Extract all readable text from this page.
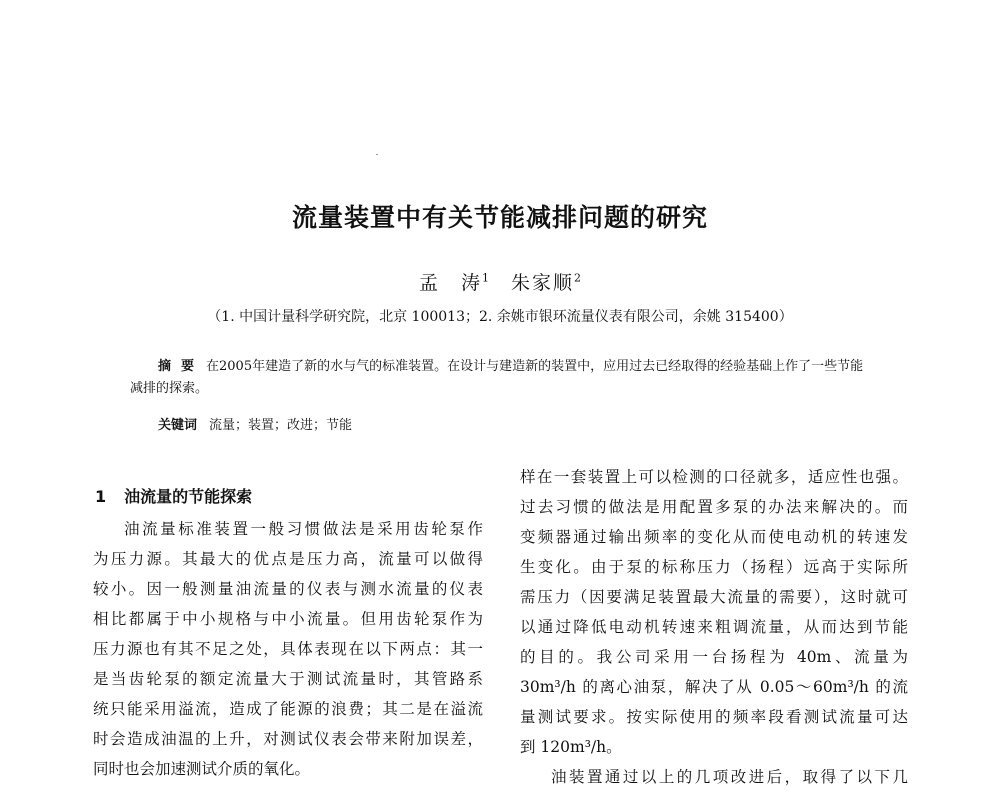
流量装置中有关节能减排问题的研究
孟　涛$^1$ 朱家顺$^2$
（1. 中国计量科学研究院，北京 100013；2. 余姚市银环流量仪表有限公司，余姚 315400）

摘要 在2005年建造了新的水与气的标准装置。在设计与建造新的装置中，应用过去已经取得的经验基础上作了一些节能减排的探索。

关键词 流量；装置；改进；节能
1 油流量的节能探索
油流量标准装置一般习惯做法是采用齿轮泵作
为压力源。其最大的优点是压力高，流量可以做得
较小。因一般测量油流量的仪表与测水流量的仪表
相比都属于中小规格与中小流量。但用齿轮泵作为
压力源也有其不足之处，具体表现在以下两点：其一
是当齿轮泵的额定流量大于测试流量时，其管路系
统只能采用溢流，造成了能源的浪费；其二是在溢流
时会造成油温的上升，对测试仪表会带来附加误差，
同时也会加速测试介质的氧化。
样在一套装置上可以检测的口径就多，适应性也强。
过去习惯的做法是用配置多泵的办法来解决的。而
变频器通过输出频率的变化从而使电动机的转速发
生变化。由于泵的标称压力（扬程）远高于实际所
需压力（因要满足装置最大流量的需要），这时就可
以通过降低电动机转速来粗调流量，从而达到节能
的目的。我公司采用一台扬程为 40m、流量为
30m³/h 的离心油泵，解决了从 0.05～60m³/h 的流
量测试要求。按实际使用的频率段看测试流量可达
到 120m³/h。
油装置通过以上的几项改进后，取得了以下几
